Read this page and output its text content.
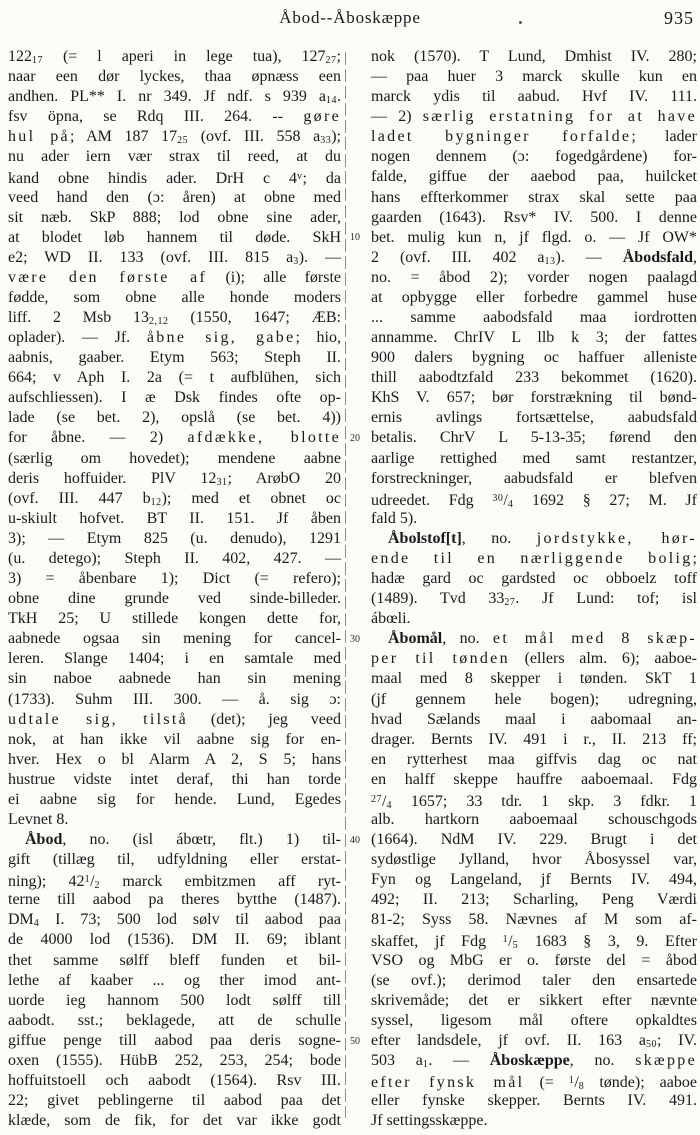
Åbod--Åboskæppe	935
10
20
30
40
50
12217 (= l aperi in lege tua), 12727;
naar een dør lyckes, thaa øpnæss een
andhen. PL** I. nr 349. Jf ndf. s 939 a14.
fsv öpna, se Rdq III. 264. -- gøre
hul på; AM 187 1725 (ovf. III. 558 a33);
nu ader iern vær strax til reed, at du
kand obne hindis ader. DrH c 4$^v$; da
veed hand den (ɔ: åren) at obne med
sit næb. SkP 888; lod obne sine ader,
at blodet løb hannem til døde. SkH
e2; WD II. 133 (ovf. III. 815 a3). —
være den første af (i); alle første
fødde, som obne alle honde moders
liff. 2 Msb 132,12 (1550, 1647; ÆB:
oplader). — Jf. åbne sig, gabe; hio,
aabnis, gaaber. Etym 563; Steph II.
664; v Aph I. 2a (= t aufblühen, sich
aufschliessen). I æ Dsk findes ofte op-
lade (se bet. 2), opslå (se bet. 4))
for åbne. — 2) afdække, blotte
(særlig om hovedet); mendene aabne
deris hoffuider. PlV 1231; ArøbO 20
(ovf. III. 447 b12); med et obnet oc
u-skiult hofvet. BT II. 151. Jf åben
3); — Etym 825 (u. denudo), 1291
(u. detego); Steph II. 402, 427. —
3) = åbenbare 1); Dict (= refero);
obne dine grunde ved sinde-billeder.
TkH 25; U stillede kongen dette for,
aabnede ogsaa sin mening for cancel-
leren. Slange 1404; i en samtale med
sin naboe aabnede han sin mening
(1733). Suhm III. 300. — å. sig ɔ:
udtale sig, tilstå (det); jeg veed
nok, at han ikke vil aabne sig for en-
hver. Hex o bl Alarm A 2, S 5; hans
hustrue vidste intet deraf, thi han torde
ei aabne sig for hende. Lund, Egedes
Levnet 8.
Åbod, no. (isl ábœtr, flt.) 1) til-
gift (tillæg til, udfyldning eller erstat-
ning); $42^1/2$ marck embitzmen aff ryt-
terne till aabod pa theres bytthe (1487).
DM4 I. 73; 500 lod sølv til aabod paa
de 4000 lod (1536). DM II. 69; iblant
thet samme sølff bleff funden et bil-
lethe af kaaber ... og ther imod ant-
uorde ieg hannom 500 lodt sølff till
aabodt. sst.; beklagede, att de schulle
giffue penge till aabod paa deris sogne-
oxen (1555). HübB 252, 253, 254; bode
hoffuitstoell och aabodt (1564). Rsv III.
22; givet peblingerne til aabod paa det
klæde, som de fik, for det var ikke godt
nok (1570). T Lund, Dmhist IV. 280;
— paa huer 3 marck skulle kun en
marck ydis til aabud. Hvf IV. 111.
— 2) særlig erstatning for at have
ladet bygninger forfalde; lader
nogen dennem (ɔ: fogedgårdene) for-
falde, giffue der aaebod paa, huilcket
hans effterkommer strax skal sette paa
gaarden (1643). Rsv* IV. 500. I denne
bet. mulig kun n, jf flgd. o. — Jf OW*
2 (ovf. III. 402 a13). — Åbodsfald,
no. = åbod 2); vorder nogen paalagd
at opbygge eller forbedre gammel huse
... samme aabodsfald maa iordrotten
annamme. ChrIV L llb k 3; der fattes
900 dalers bygning oc haffuer alleniste
thill aabodtzfald 233 bekommet (1620).
KhS V. 657; bør forstrækning til bønd-
ernis avlings fortsættelse, aabudsfald
betalis. ChrV L 5-13-35; førend den
aarlige rettighed med samt restantzer,
forstreckninger, aabudsfald er blefven
udreedet. Fdg $^{30}$/4 1692 § 27; M. Jf
fald 5).
Åbolstof[t], no. jordstykke, hør-
ende til en nærliggende bolig;
hadæ gard oc gardsted oc obboelz toff
(1489). Tvd 3327. Jf Lund: tof; isl
ábœli.
Åbomål, no. et mål med 8 skæp-
per til tønden (ellers alm. 6); aaboe-
maal med 8 skepper i tønden. SkT 1
(jf gennem hele bogen); udregning,
hvad Sælands maal i aabomaal an-
drager. Bernts IV. 491 i r., II. 213 ff;
en rytterhest maa giffvis dag oc nat
en halff skeppe hauffre aaboemaal. Fdg
$^{27}$/4 1657; 33 tdr. 1 skp. 3 fdkr. 1
alb. hartkorn aaboemaal schouschgods
(1664). NdM IV. 229. Brugt i det
sydøstlige Jylland, hvor Åbosyssel var,
Fyn og Langeland, jf Bernts IV. 494,
492; II. 213; Scharling, Peng Værdi
81-2; Syss 58. Nævnes af M som af-
skaffet, jf Fdg $^1$/5 1683 § 3, 9. Efter
VSO og MbG er o. første del = åbod
(se ovf.); derimod taler den ensartede
skrivemåde; det er sikkert efter nævnte
syssel, ligesom mål oftere opkaldtes
efter landsdele, jf ovf. II. 163 a50; IV.
503 a1. — Åboskæppe, no. skæppe
efter fynsk mål (= $^1$/8 tønde); aaboe
eller fynske skepper. Bernts IV. 491.
Jf settingsskæppe.
